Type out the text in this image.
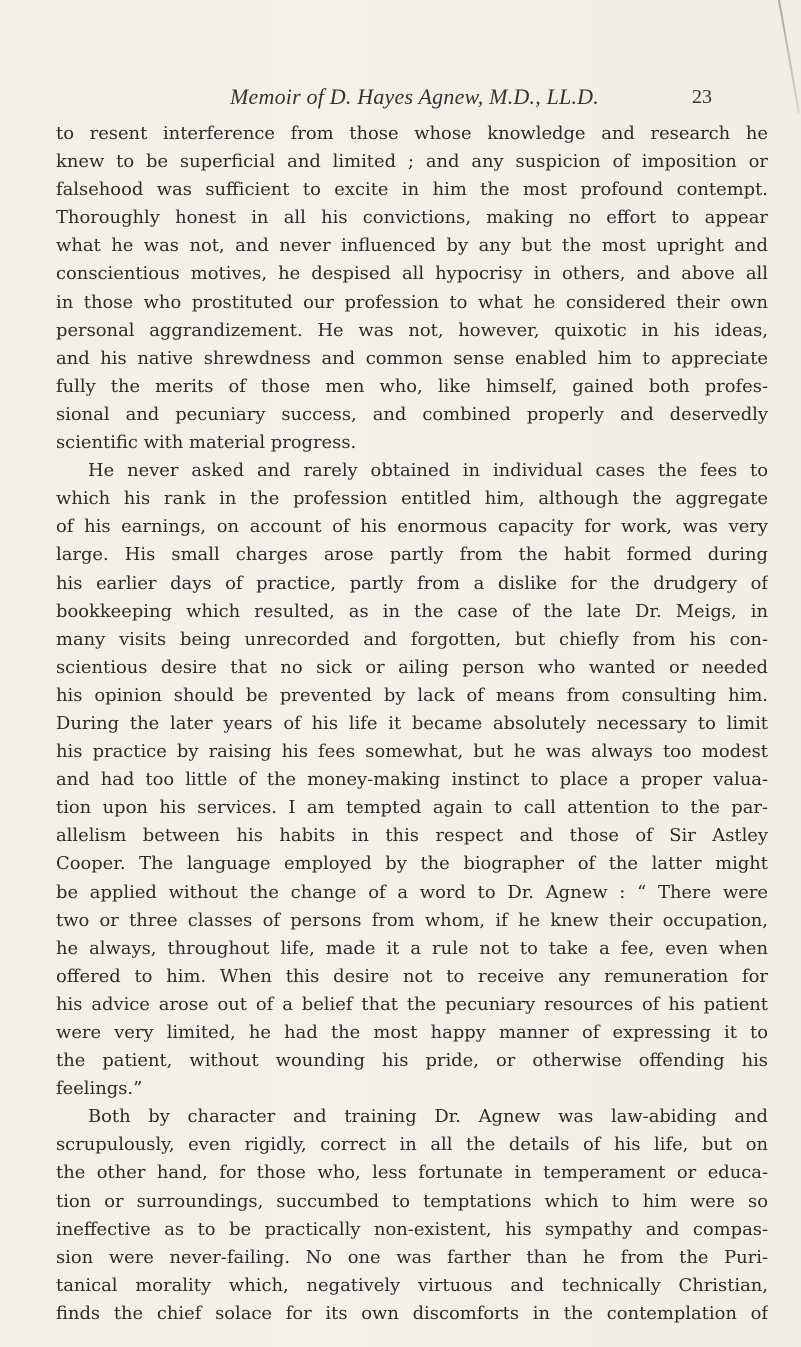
Memoir of D. Hayes Agnew, M.D., LL.D.	23
to resent interference from those whose knowledge and research he
knew to be superficial and limited ; and any suspicion of imposition or
falsehood was sufficient to excite in him the most profound contempt.
Thoroughly honest in all his convictions, making no effort to appear
what he was not, and never influenced by any but the most upright and
conscientious motives, he despised all hypocrisy in others, and above all
in those who prostituted our profession to what he considered their own
personal aggrandizement. He was not, however, quixotic in his ideas,
and his native shrewdness and common sense enabled him to appreciate
fully the merits of those men who, like himself, gained both profes-
sional and pecuniary success, and combined properly and deservedly
scientific with material progress.
He never asked and rarely obtained in individual cases the fees to
which his rank in the profession entitled him, although the aggregate
of his earnings, on account of his enormous capacity for work, was very
large. His small charges arose partly from the habit formed during
his earlier days of practice, partly from a dislike for the drudgery of
bookkeeping which resulted, as in the case of the late Dr. Meigs, in
many visits being unrecorded and forgotten, but chiefly from his con-
scientious desire that no sick or ailing person who wanted or needed
his opinion should be prevented by lack of means from consulting him.
During the later years of his life it became absolutely necessary to limit
his practice by raising his fees somewhat, but he was always too modest
and had too little of the money-making instinct to place a proper valua-
tion upon his services. I am tempted again to call attention to the par-
allelism between his habits in this respect and those of Sir Astley
Cooper. The language employed by the biographer of the latter might
be applied without the change of a word to Dr. Agnew : “ There were
two or three classes of persons from whom, if he knew their occupation,
he always, throughout life, made it a rule not to take a fee, even when
offered to him. When this desire not to receive any remuneration for
his advice arose out of a belief that the pecuniary resources of his patient
were very limited, he had the most happy manner of expressing it to
the patient, without wounding his pride, or otherwise offending his
feelings.”
Both by character and training Dr. Agnew was law-abiding and
scrupulously, even rigidly, correct in all the details of his life, but on
the other hand, for those who, less fortunate in temperament or educa-
tion or surroundings, succumbed to temptations which to him were so
ineffective as to be practically non-existent, his sympathy and compas-
sion were never-failing. No one was farther than he from the Puri-
tanical morality which, negatively virtuous and technically Christian,
finds the chief solace for its own discomforts in the contemplation of
